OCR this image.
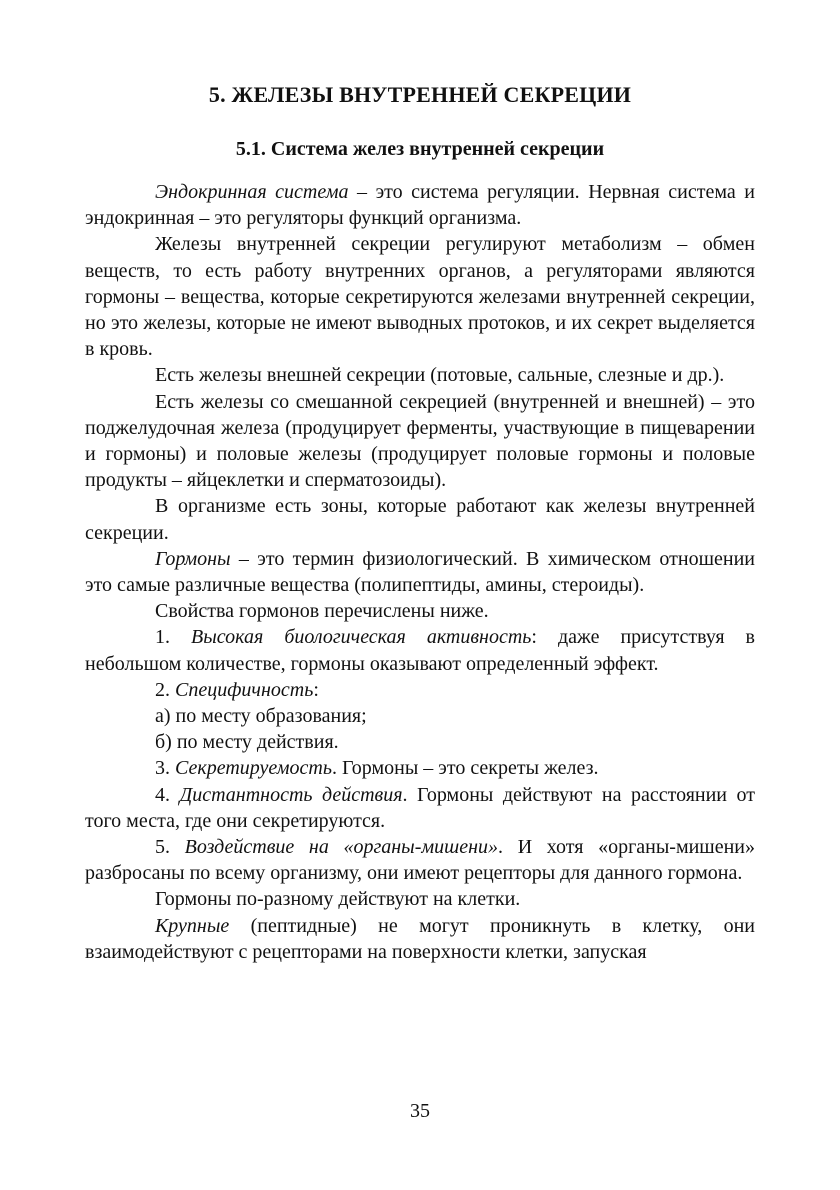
5. ЖЕЛЕЗЫ ВНУТРЕННЕЙ СЕКРЕЦИИ
5.1. Система желез внутренней секреции

Эндокринная система – это система регуляции. Нервная система и эндокринная – это регуляторы функций организма.

Железы внутренней секреции регулируют метаболизм – обмен веществ, то есть работу внутренних органов, а регуляторами являются гормоны – вещества, которые секретируются железами внутренней секреции, но это железы, которые не имеют выводных протоков, и их секрет выделяется в кровь.

Есть железы внешней секреции (потовые, сальные, слезные и др.).

Есть железы со смешанной секрецией (внутренней и внешней) – это поджелудочная железа (продуцирует ферменты, участвующие в пищеварении и гормоны) и половые железы (продуцирует половые гормоны и половые продукты – яйцеклетки и сперматозоиды).

В организме есть зоны, которые работают как железы внутренней секреции.

Гормоны – это термин физиологический. В химическом отношении это самые различные вещества (полипептиды, амины, стероиды).

Свойства гормонов перечислены ниже.

1. Высокая биологическая активность: даже присутствуя в небольшом количестве, гормоны оказывают определенный эффект.

2. Специфичность:

а) по месту образования;

б) по месту действия.

3. Секретируемость. Гормоны – это секреты желез.

4. Дистантность действия. Гормоны действуют на расстоянии от того места, где они секретируются.

5. Воздействие на «органы-мишени». И хотя «органы-мишени» разбросаны по всему организму, они имеют рецепторы для данного гормона.

Гормоны по-разному действуют на клетки.

Крупные (пептидные) не могут проникнуть в клетку, они взаимодействуют с рецепторами на поверхности клетки, запуская

35
